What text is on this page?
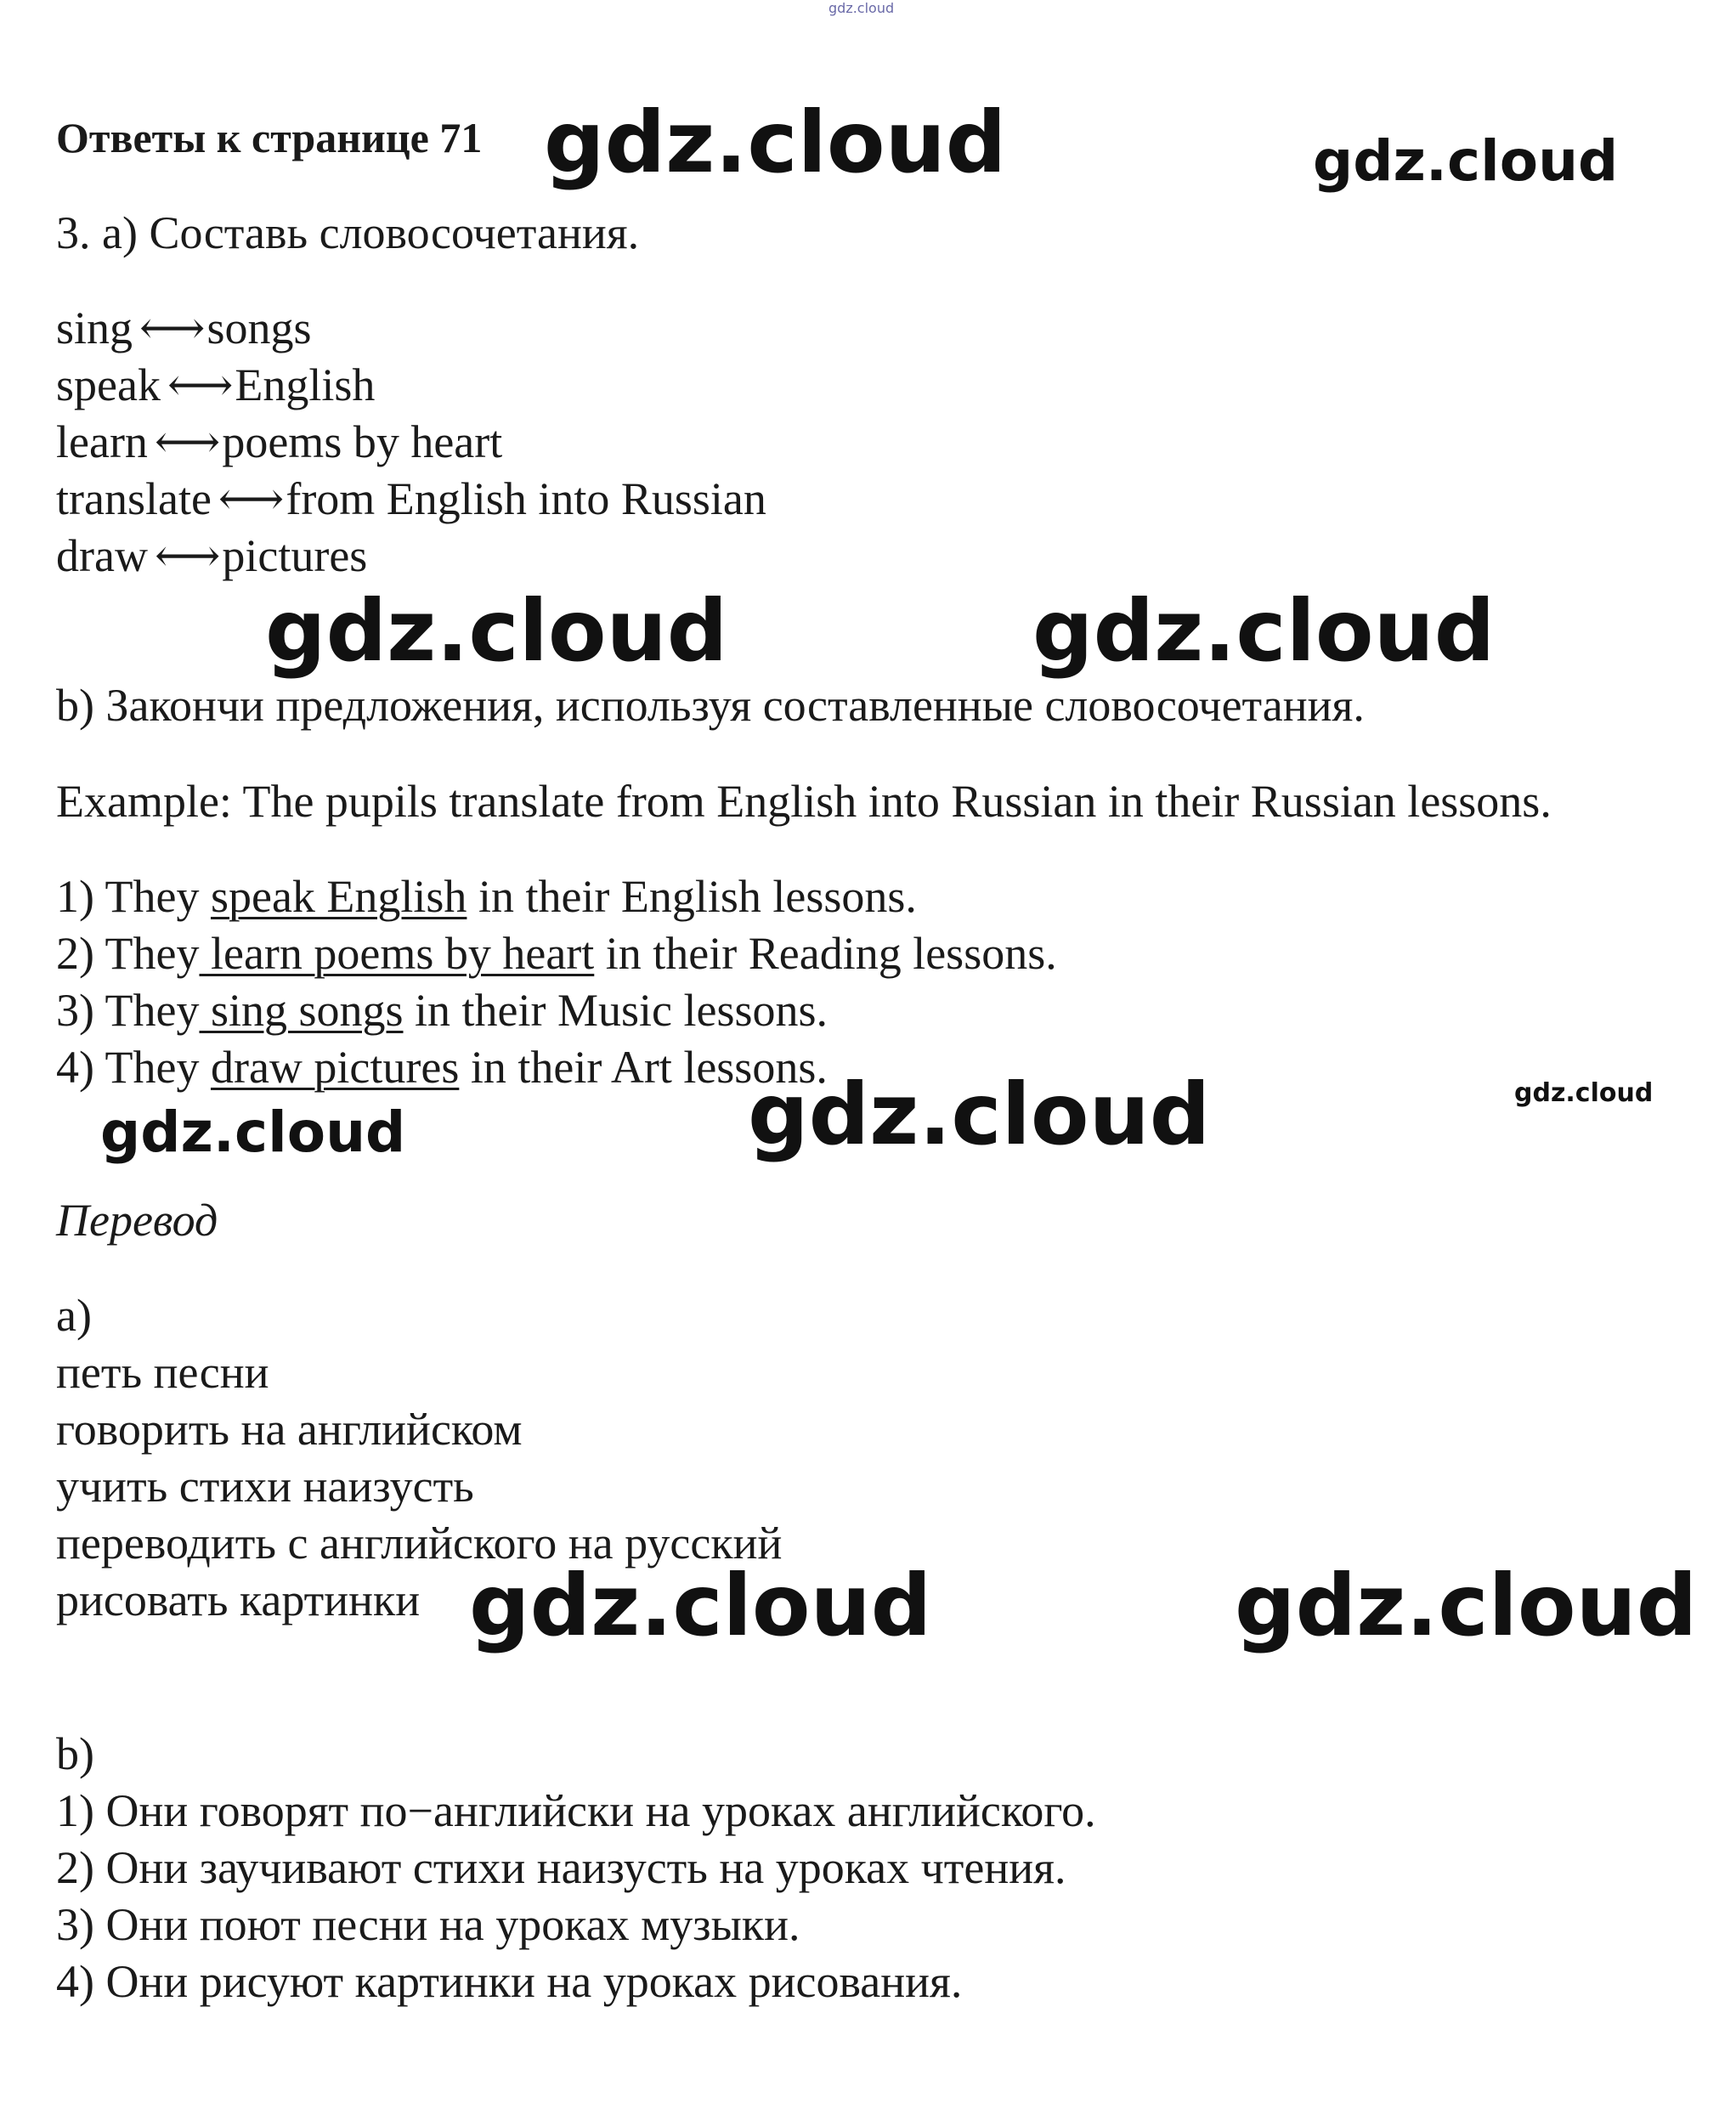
gdz.cloud
Ответы к странице 71
3. a) Составь словосочетания.
sing ⟷songs
speak ⟷English
learn ⟷poems by heart
translate ⟷from English into Russian
draw ⟷pictures
b) Закончи предложения, используя составленные словосочетания.
Example: The pupils translate from English into Russian in their Russian lessons.
1) They speak English in their English lessons.
2) They learn poems by heart in their Reading lessons.
3) They sing songs in their Music lessons.
4) They draw pictures in their Art lessons.
Перевод
a)
петь песни
говорить на английском
учить стихи наизусть
переводить с английского на русский
рисовать картинки
b)
1) Они говорят по−английски на уроках английского.
2) Они заучивают стихи наизусть на уроках чтения.
3) Они поют песни на уроках музыки.
4) Они рисуют картинки на уроках рисования.
gdz.cloud	gdz.cloud
gdz.cloud	gdz.cloud
gdz.cloud
gdz.cloud
gdz.cloud
gdz.cloud	gdz.cloud
